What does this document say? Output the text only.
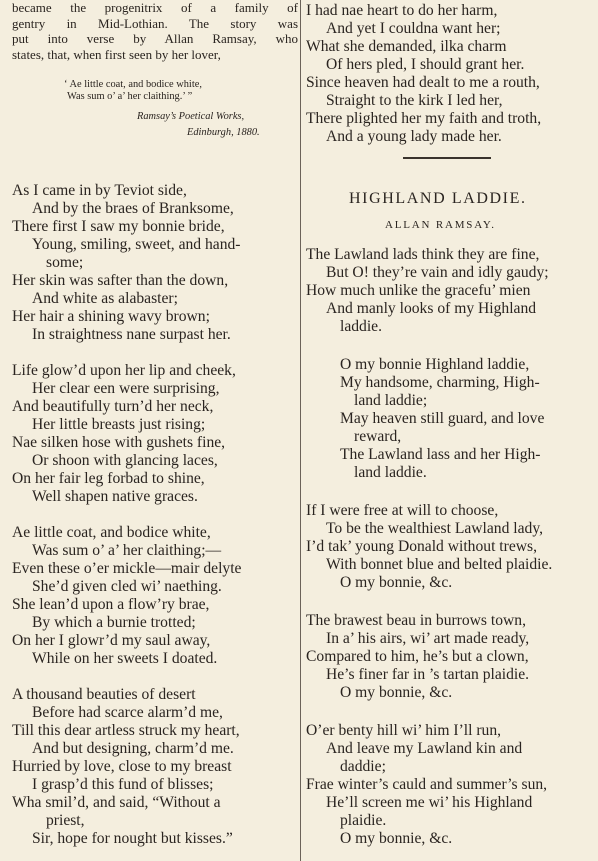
became the progenitrix of a family of
gentry in Mid-Lothian. The story was
put into verse by Allan Ramsay, who
states, that, when first seen by her lover,
‘ Ae little coat, and bodice white,
Was sum o’ a’ her claithing.’ ”
Ramsay’s Poetical Works,
Edinburgh, 1880.
As I came in by Teviot side,
And by the braes of Branksome,
There first I saw my bonnie bride,
Young, smiling, sweet, and hand-
some;
Her skin was safter than the down,
And white as alabaster;
Her hair a shining wavy brown;
In straightness nane surpast her.
Life glow’d upon her lip and cheek,
Her clear een were surprising,
And beautifully turn’d her neck,
Her little breasts just rising;
Nae silken hose with gushets fine,
Or shoon with glancing laces,
On her fair leg forbad to shine,
Well shapen native graces.
Ae little coat, and bodice white,
Was sum o’ a’ her claithing;—
Even these o’er mickle—mair delyte
She’d given cled wi’ naething.
She lean’d upon a flow’ry brae,
By which a burnie trotted;
On her I glowr’d my saul away,
While on her sweets I doated.
A thousand beauties of desert
Before had scarce alarm’d me,
Till this dear artless struck my heart,
And but designing, charm’d me.
Hurried by love, close to my breast
I grasp’d this fund of blisses;
Wha smil’d, and said, “Without a
priest,
Sir, hope for nought but kisses.”
I had nae heart to do her harm,
And yet I couldna want her;
What she demanded, ilka charm
Of hers pled, I should grant her.
Since heaven had dealt to me a routh,
Straight to the kirk I led her,
There plighted her my faith and troth,
And a young lady made her.
HIGHLAND LADDIE.
ALLAN RAMSAY.
The Lawland lads think they are fine,
But O! they’re vain and idly gaudy;
How much unlike the gracefu’ mien
And manly looks of my Highland
laddie.
O my bonnie Highland laddie,
My handsome, charming, High-
land laddie;
May heaven still guard, and love
reward,
The Lawland lass and her High-
land laddie.
If I were free at will to choose,
To be the wealthiest Lawland lady,
I’d tak’ young Donald without trews,
With bonnet blue and belted plaidie.
O my bonnie, &c.
The brawest beau in burrows town,
In a’ his airs, wi’ art made ready,
Compared to him, he’s but a clown,
He’s finer far in ’s tartan plaidie.
O my bonnie, &c.
O’er benty hill wi’ him I’ll run,
And leave my Lawland kin and
daddie;
Frae winter’s cauld and summer’s sun,
He’ll screen me wi’ his Highland
plaidie.
O my bonnie, &c.
